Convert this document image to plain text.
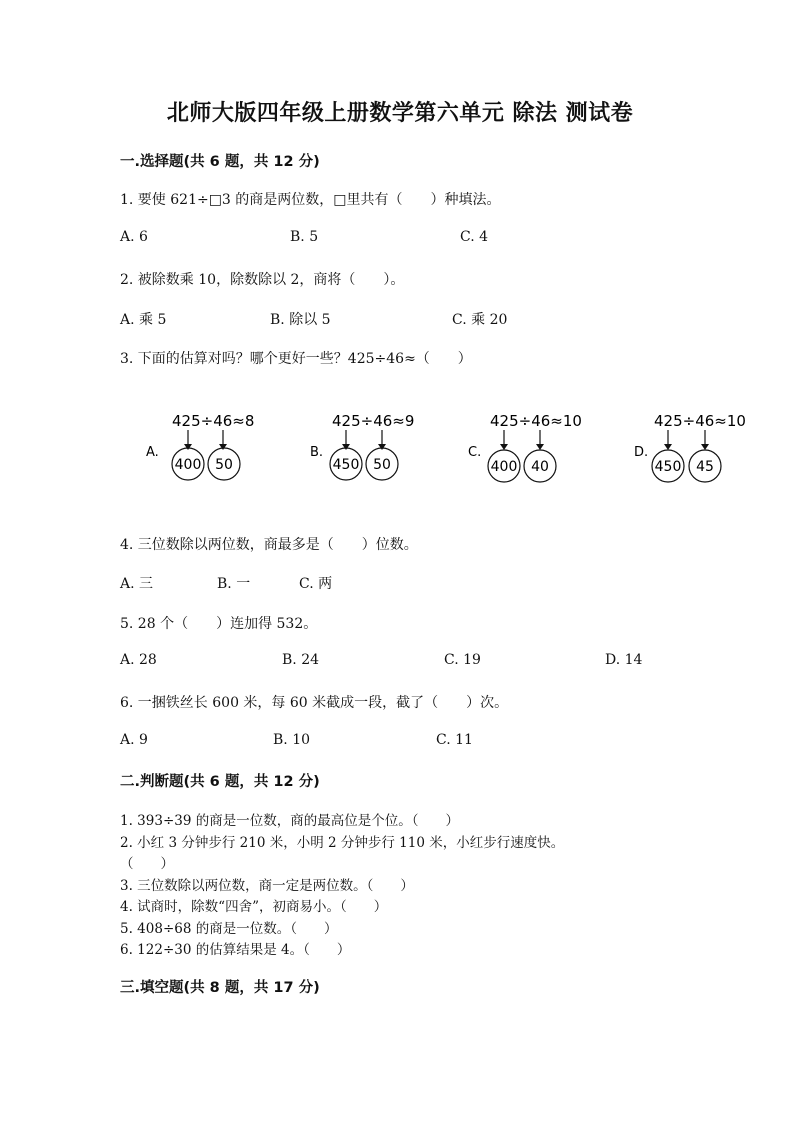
北师大版四年级上册数学第六单元 除法 测试卷
一.选择题(共 6 题，共 12 分)
1. 要使 621÷□3 的商是两位数，□里共有（　　）种填法。
A. 6	B. 5	C. 4
2. 被除数乘 10，除数除以 2，商将（　　）。
A. 乘 5	B. 除以 5	C. 乘 20
3. 下面的估算对吗？哪个更好一些？425÷46≈（　　）
A.
425÷46≈8
400 50
B.
425÷46≈9
450 50
C.
425÷46≈10
400 40
D.
425÷46≈10
450 45
4. 三位数除以两位数，商最多是（　　）位数。
A. 三	B. 一	C. 两
5. 28 个（　　）连加得 532。
A. 28	B. 24	C. 19	D. 14
6. 一捆铁丝长 600 米，每 60 米截成一段，截了（　　）次。
A. 9	B. 10	C. 11
二.判断题(共 6 题，共 12 分)
1. 393÷39 的商是一位数，商的最高位是个位。（　　）
2. 小红 3 分钟步行 210 米，小明 2 分钟步行 110 米，小红步行速度快。
（　　）
3. 三位数除以两位数，商一定是两位数。（　　）
4. 试商时，除数“四舍”，初商易小。（　　）
5. 408÷68 的商是一位数。（　　）
6. 122÷30 的估算结果是 4。（　　）
三.填空题(共 8 题，共 17 分)
